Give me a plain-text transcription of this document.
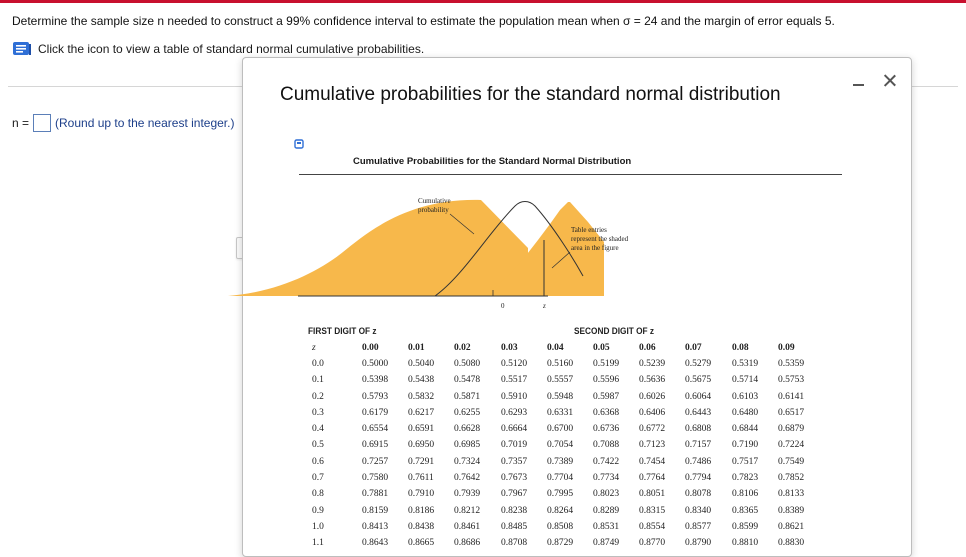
Determine the sample size n needed to construct a 99% confidence interval to estimate the population mean when σ = 24 and the margin of error equals 5.
Click the icon to view a table of standard normal cumulative probabilities.
n = (Round up to the nearest integer.)
Cumulative probabilities for the standard normal distribution
Cumulative Probabilities for the Standard Normal Distribution
Cumulative
probability
Table entries
represent the shaded
area in the figure
0	z
FIRST DIGIT OF z	SECOND DIGIT OF z
z	0.00	0.01	0.02	0.03	0.04	0.05	0.06	0.07	0.08	0.09
0.0	0.5000 0.5040 0.5080 0.5120 0.5160 0.5199 0.5239 0.5279 0.5319 0.5359
0.1	0.5398 0.5438 0.5478 0.5517 0.5557 0.5596 0.5636 0.5675 0.5714 0.5753
0.2	0.5793 0.5832 0.5871 0.5910 0.5948 0.5987 0.6026 0.6064 0.6103 0.6141
0.3	0.6179 0.6217 0.6255 0.6293 0.6331 0.6368 0.6406 0.6443 0.6480 0.6517
0.4	0.6554 0.6591 0.6628 0.6664 0.6700 0.6736 0.6772 0.6808 0.6844 0.6879
0.5	0.6915 0.6950 0.6985 0.7019 0.7054 0.7088 0.7123 0.7157 0.7190 0.7224
0.6	0.7257 0.7291 0.7324 0.7357 0.7389 0.7422 0.7454 0.7486 0.7517 0.7549
0.7	0.7580 0.7611 0.7642 0.7673 0.7704 0.7734 0.7764 0.7794 0.7823 0.7852
0.8	0.7881 0.7910 0.7939 0.7967 0.7995 0.8023 0.8051 0.8078 0.8106 0.8133
0.9	0.8159 0.8186 0.8212 0.8238 0.8264 0.8289 0.8315 0.8340 0.8365 0.8389
1.0	0.8413 0.8438 0.8461 0.8485 0.8508 0.8531 0.8554 0.8577 0.8599 0.8621
1.1	0.8643 0.8665 0.8686 0.8708 0.8729 0.8749 0.8770 0.8790 0.8810 0.8830
